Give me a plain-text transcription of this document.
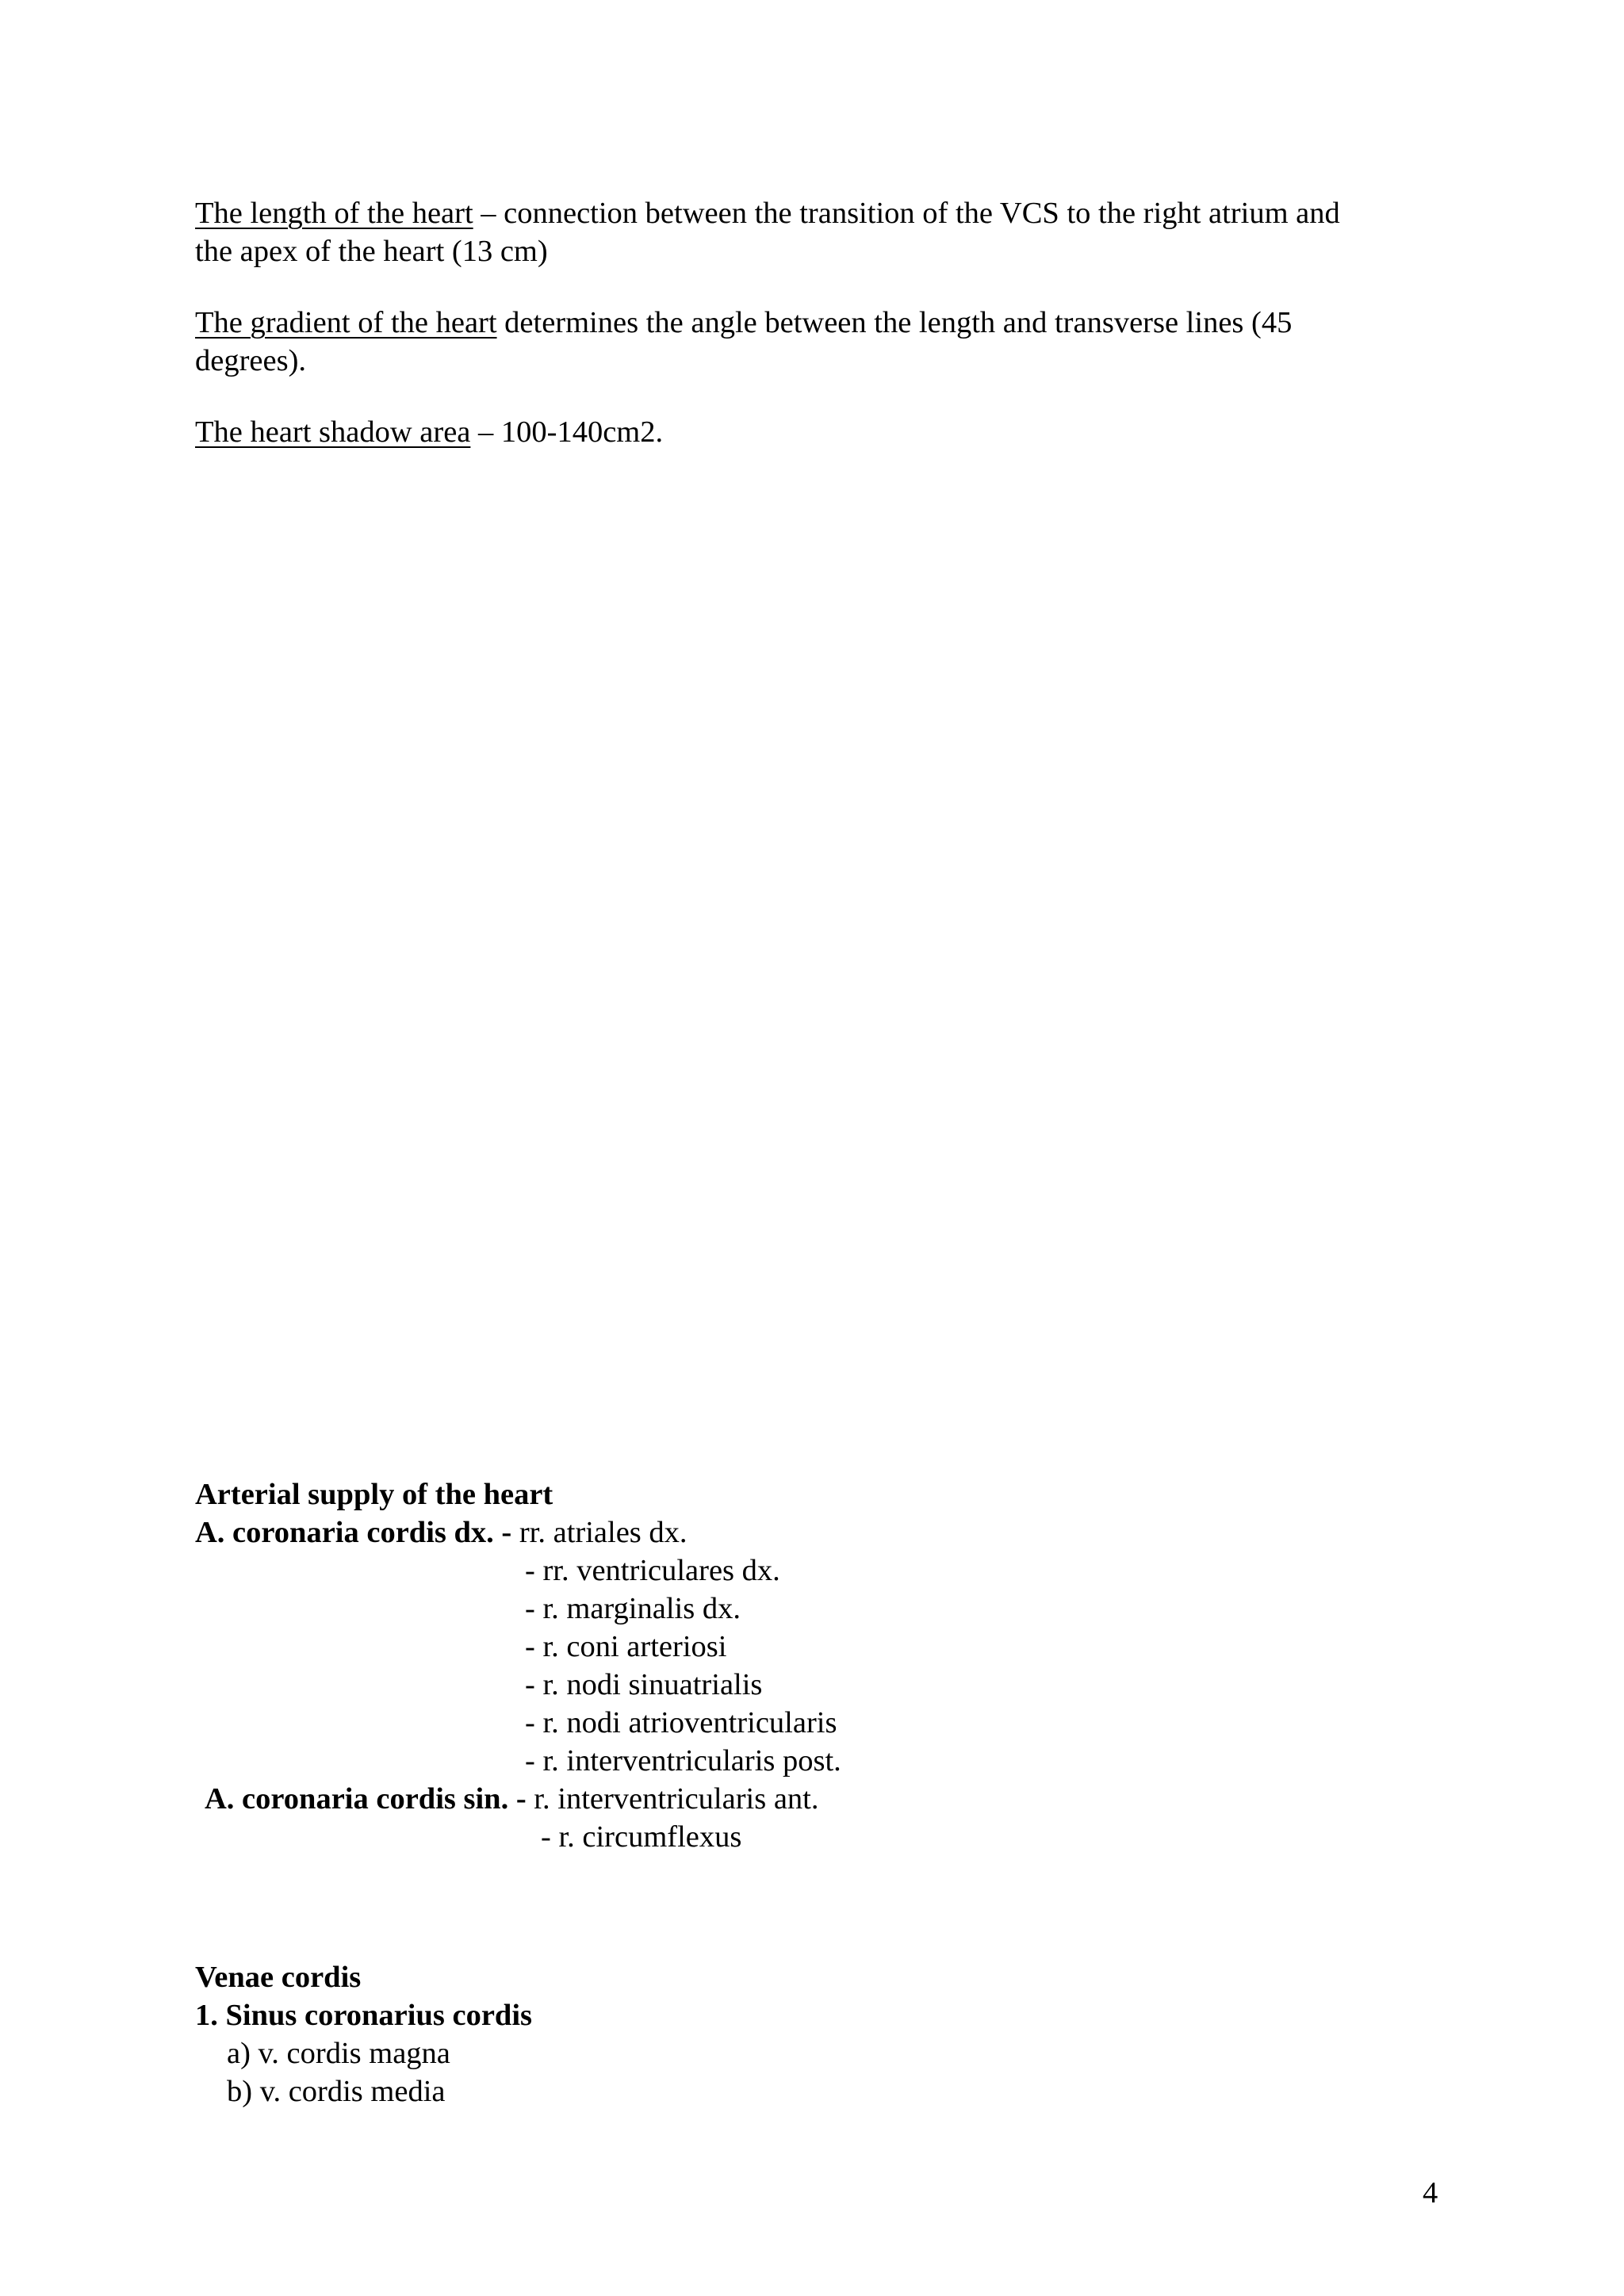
The length of the heart – connection between the transition of the VCS to the right atrium and
the apex of the heart (13 cm)
The gradient of the heart determines the angle between the length and transverse lines (45
degrees).
The heart shadow area – 100-140cm2.
Arterial supply of the heart
A. coronaria cordis dx. - rr. atriales dx.
- rr. ventriculares dx.
- r. marginalis dx.
- r. coni arteriosi
- r. nodi sinuatrialis
- r. nodi atrioventricularis
- r. interventricularis post.
A. coronaria cordis sin. - r. interventricularis ant.
- r. circumflexus
Venae cordis
1. Sinus coronarius cordis
a) v. cordis magna
b) v. cordis media
4
